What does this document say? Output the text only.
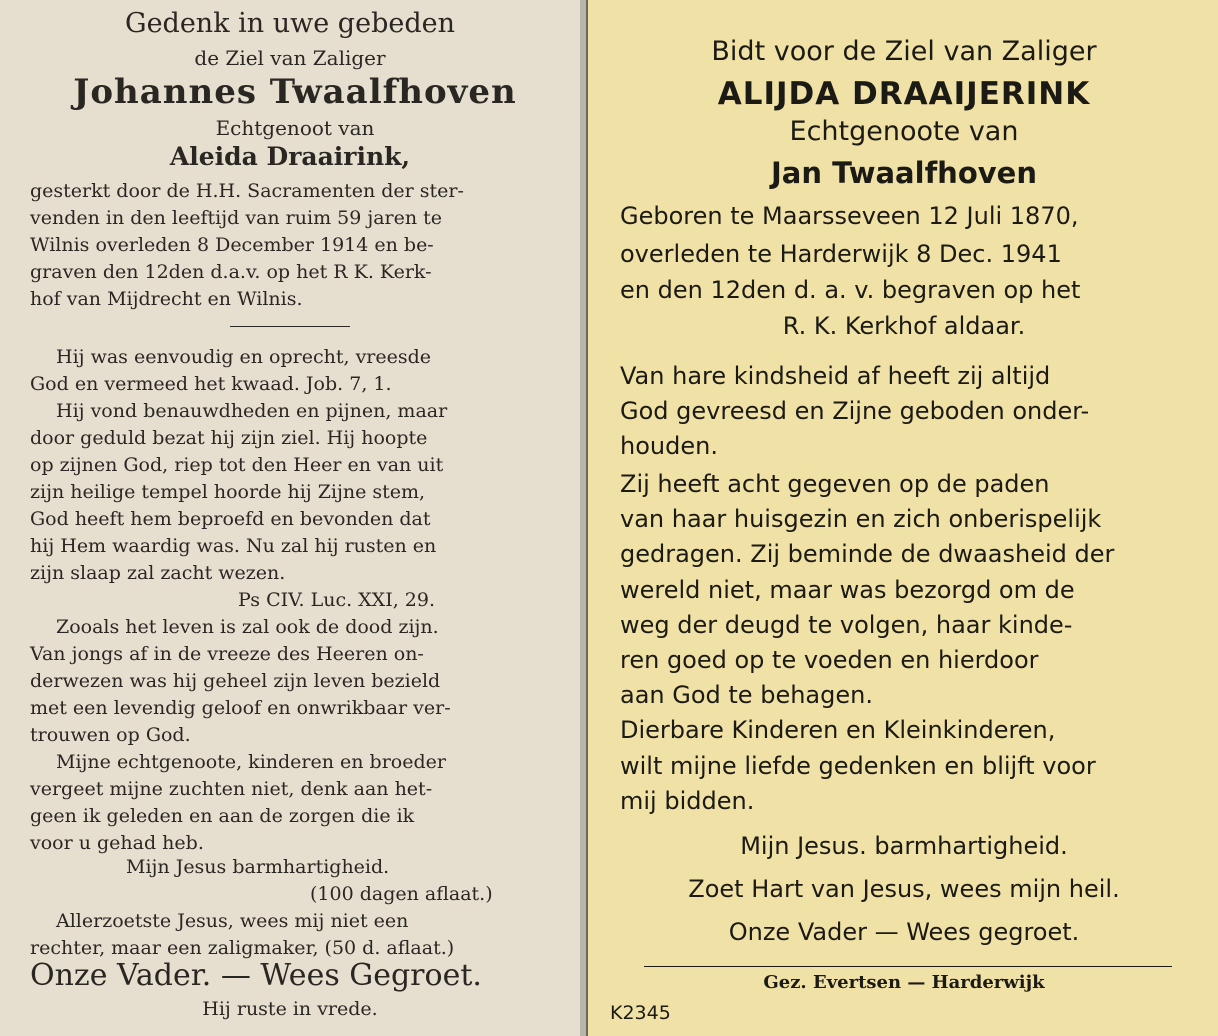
Gedenk in uwe gebeden
de Ziel van Zaliger
Johannes Twaalfhoven
Echtgenoot van
Aleida Draairink,
gesterkt door de H.H. Sacramenten der ster-
venden in den leeftijd van ruim 59 jaren te
Wilnis overleden 8 December 1914 en be-
graven den 12den d.a.v. op het R K. Kerk-
hof van Mijdrecht en Wilnis.
Hij was eenvoudig en oprecht, vreesde
God en vermeed het kwaad. Job. 7, 1.
Hij vond benauwdheden en pijnen, maar
door geduld bezat hij zijn ziel. Hij hoopte
op zijnen God, riep tot den Heer en van uit
zijn heilige tempel hoorde hij Zijne stem,
God heeft hem beproefd en bevonden dat
hij Hem waardig was. Nu zal hij rusten en
zijn slaap zal zacht wezen.
Ps CIV. Luc. XXI, 29.
Zooals het leven is zal ook de dood zijn.
Van jongs af in de vreeze des Heeren on-
derwezen was hij geheel zijn leven bezield
met een levendig geloof en onwrikbaar ver-
trouwen op God.
Mijne echtgenoote, kinderen en broeder
vergeet mijne zuchten niet, denk aan het-
geen ik geleden en aan de zorgen die ik
voor u gehad heb.
Mijn Jesus barmhartigheid.
(100 dagen aflaat.)
Allerzoetste Jesus, wees mij niet een
rechter, maar een zaligmaker, (50 d. aflaat.)
Onze Vader. — Wees Gegroet.
Hij ruste in vrede.
Bidt voor de Ziel van Zaliger
ALIJDA DRAAIJERINK
Echtgenoote van
Jan Twaalfhoven
Geboren te Maarsseveen 12 Juli 1870,
overleden te Harderwijk 8 Dec. 1941
en den 12den d. a. v. begraven op het
R. K. Kerkhof aldaar.
Van hare kindsheid af heeft zij altijd
God gevreesd en Zijne geboden onder-
houden.
Zij heeft acht gegeven op de paden
van haar huisgezin en zich onberispelijk
gedragen. Zij beminde de dwaasheid der
wereld niet, maar was bezorgd om de
weg der deugd te volgen, haar kinde-
ren goed op te voeden en hierdoor
aan God te behagen.
Dierbare Kinderen en Kleinkinderen,
wilt mijne liefde gedenken en blijft voor
mij bidden.
Mijn Jesus. barmhartigheid.
Zoet Hart van Jesus, wees mijn heil.
Onze Vader — Wees gegroet.
Gez. Evertsen — Harderwijk
K2345
